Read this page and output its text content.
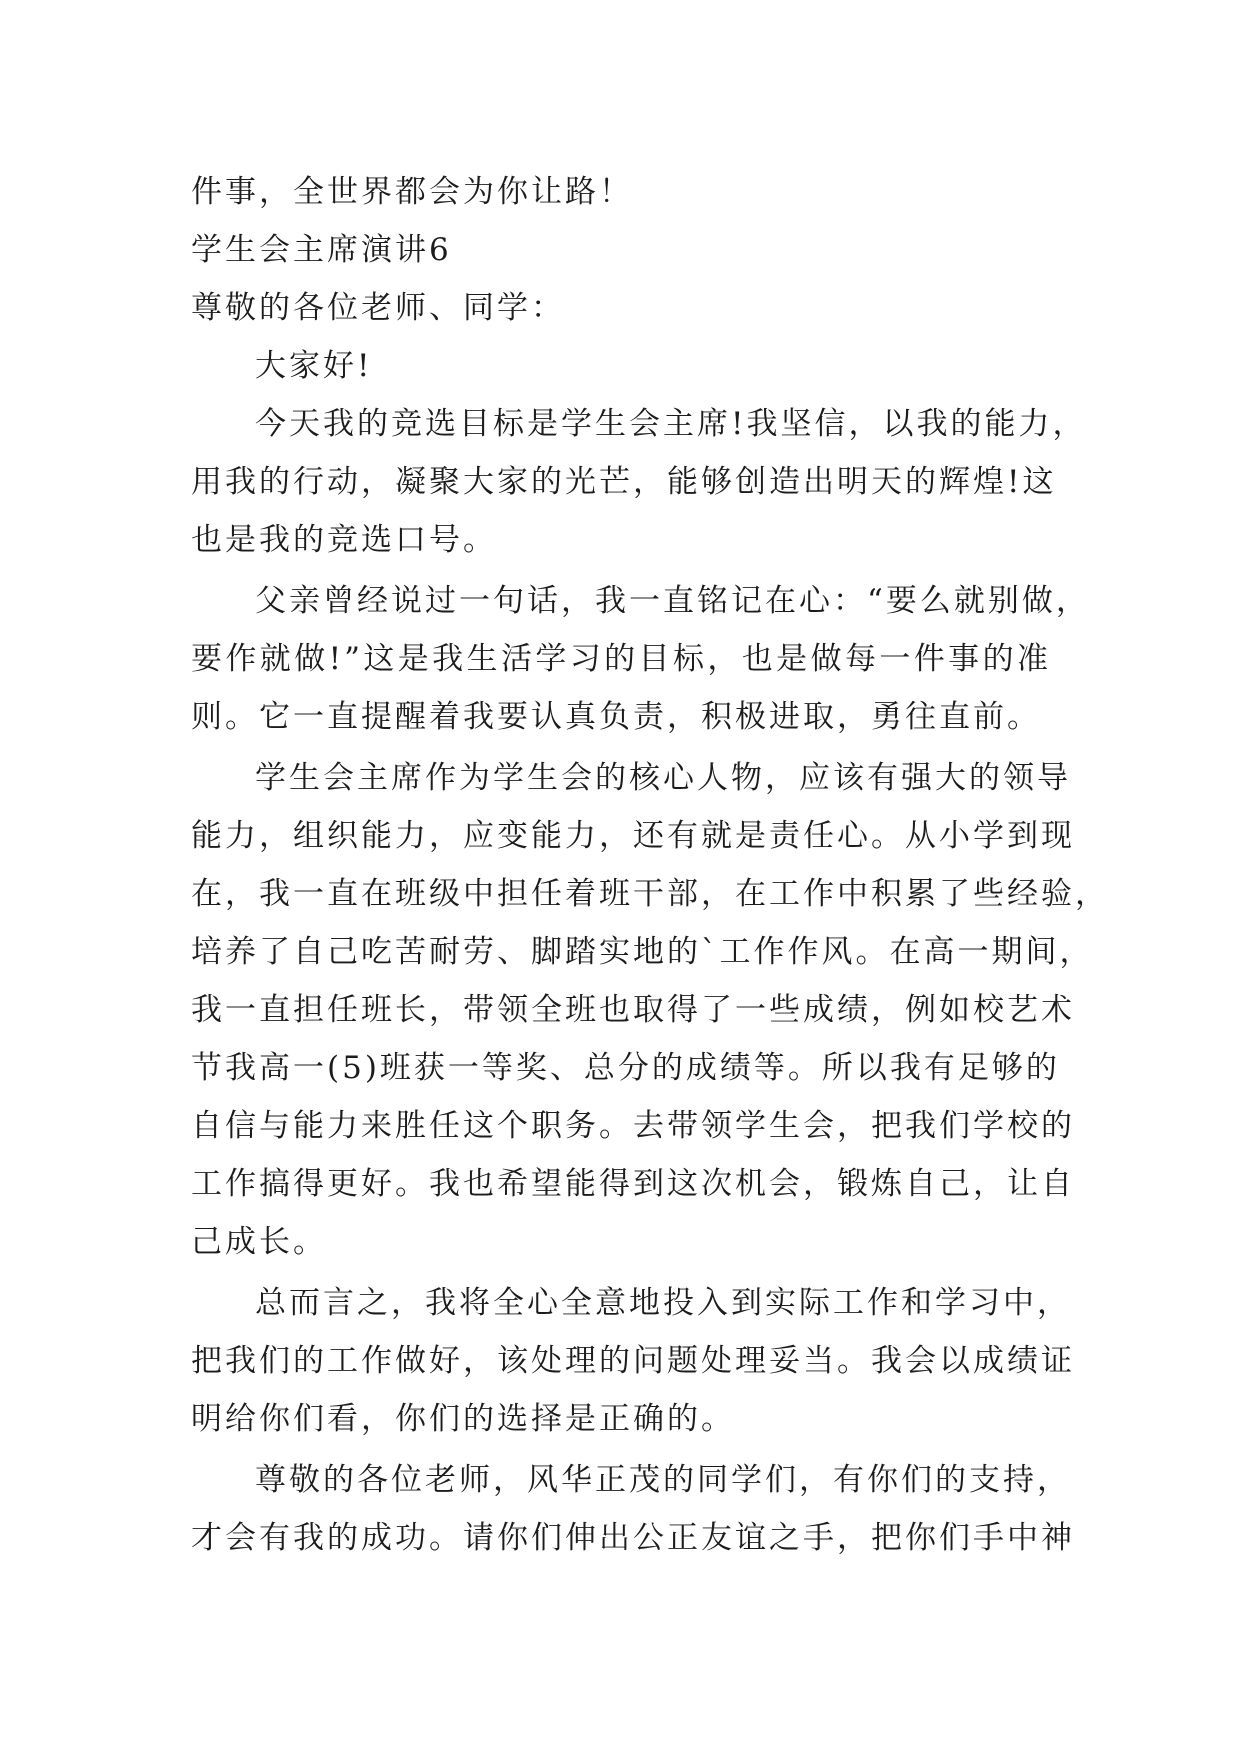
件事，全世界都会为你让路！
学生会主席演讲6
尊敬的各位老师、同学：
大家好!
今天我的竞选目标是学生会主席!我坚信，以我的能力，
用我的行动，凝聚大家的光芒，能够创造出明天的辉煌!这
也是我的竞选口号。
父亲曾经说过一句话，我一直铭记在心：“要么就别做，
要作就做!”这是我生活学习的目标，也是做每一件事的准
则。它一直提醒着我要认真负责，积极进取，勇往直前。
学生会主席作为学生会的核心人物，应该有强大的领导
能力，组织能力，应变能力，还有就是责任心。从小学到现
在，我一直在班级中担任着班干部，在工作中积累了些经验，
培养了自己吃苦耐劳、脚踏实地的`工作作风。在高一期间，
我一直担任班长，带领全班也取得了一些成绩，例如校艺术
节我高一(5)班获一等奖、总分的成绩等。所以我有足够的
自信与能力来胜任这个职务。去带领学生会，把我们学校的
工作搞得更好。我也希望能得到这次机会，锻炼自己，让自
己成长。
总而言之，我将全心全意地投入到实际工作和学习中，
把我们的工作做好，该处理的问题处理妥当。我会以成绩证
明给你们看，你们的选择是正确的。
尊敬的各位老师，风华正茂的同学们，有你们的支持，
才会有我的成功。请你们伸出公正友谊之手，把你们手中神
